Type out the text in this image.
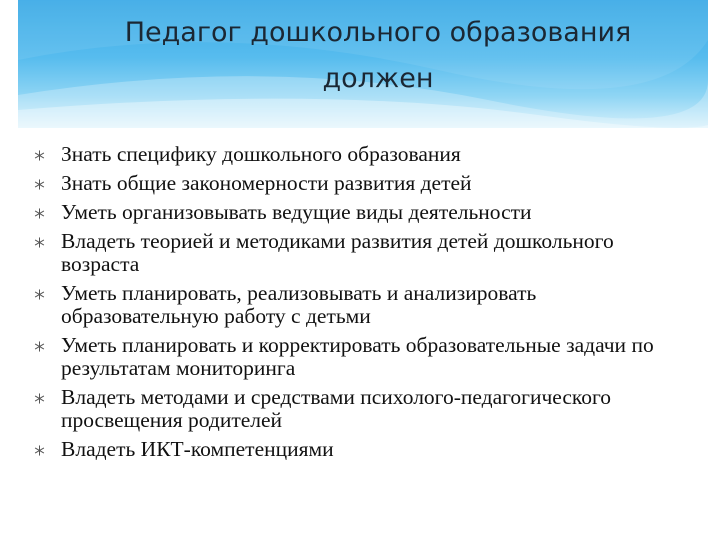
Педагог дошкольного образования
должен
Знать специфику дошкольного образования
Знать общие закономерности развития детей
Уметь организовывать ведущие виды деятельности
Владеть теорией и методиками развития детей дошкольного возраста
Уметь планировать, реализовывать и анализировать образовательную работу с детьми
Уметь планировать и корректировать образовательные задачи по результатам мониторинга
Владеть методами и средствами психолого-педагогического просвещения родителей
Владеть ИКТ-компетенциями
